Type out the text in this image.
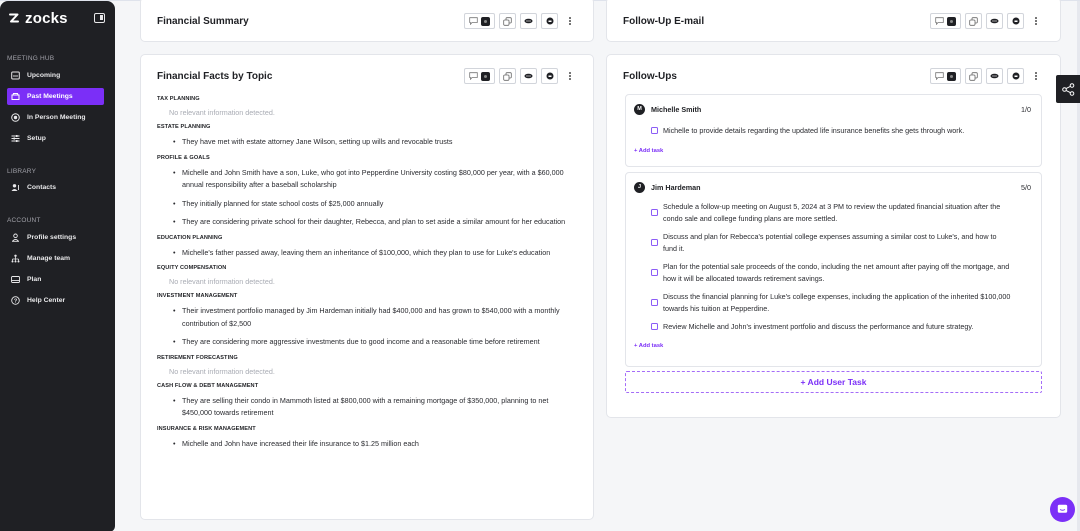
zocks
MEETING HUB
Upcoming
Past Meetings
In Person Meeting
Setup
LIBRARY
Contacts
ACCOUNT
Profile settings
Manage team
Plan
? Help Center
Financial Summary	Follow-Up E-mail
Financial Facts by Topic
TAX PLANNING
No relevant information detected.
ESTATE PLANNING
•
They have met with estate attorney Jane Wilson, setting up wills and revocable trusts
PROFILE & GOALS
•
Michelle and John Smith have a son, Luke, who got into Pepperdine University costing $80,000 per year, with a $60,000 annual responsibility after a baseball scholarship
•
They initially planned for state school costs of $25,000 annually
•
They are considering private school for their daughter, Rebecca, and plan to set aside a similar amount for her education
EDUCATION PLANNING
•
Michelle's father passed away, leaving them an inheritance of $100,000, which they plan to use for Luke's education
EQUITY COMPENSATION
No relevant information detected.
INVESTMENT MANAGEMENT
•
Their investment portfolio managed by Jim Hardeman initially had $400,000 and has grown to $540,000 with a monthly contribution of $2,500
•
They are considering more aggressive investments due to good income and a reasonable time before retirement
RETIREMENT FORECASTING
No relevant information detected.
CASH FLOW & DEBT MANAGEMENT
•
They are selling their condo in Mammoth listed at $800,000 with a remaining mortgage of $350,000, planning to net $450,000 towards retirement
INSURANCE & RISK MANAGEMENT
•
Michelle and John have increased their life insurance to $1.25 million each
Follow-Ups
M	Michelle Smith	1/0
Michelle to provide details regarding the updated life insurance benefits she gets through work.
+ Add task
J	Jim Hardeman	5/0
Schedule a follow-up meeting on August 5, 2024 at 3 PM to review the updated financial situation after the condo sale and college funding plans are more settled.
Discuss and plan for Rebecca's potential college expenses assuming a similar cost to Luke's, and how to fund it.
Plan for the potential sale proceeds of the condo, including the net amount after paying off the mortgage, and how it will be allocated towards retirement savings.
Discuss the financial planning for Luke's college expenses, including the application of the inherited $100,000 towards his tuition at Pepperdine.
Review Michelle and John's investment portfolio and discuss the performance and future strategy.
+ Add task
+ Add User Task
